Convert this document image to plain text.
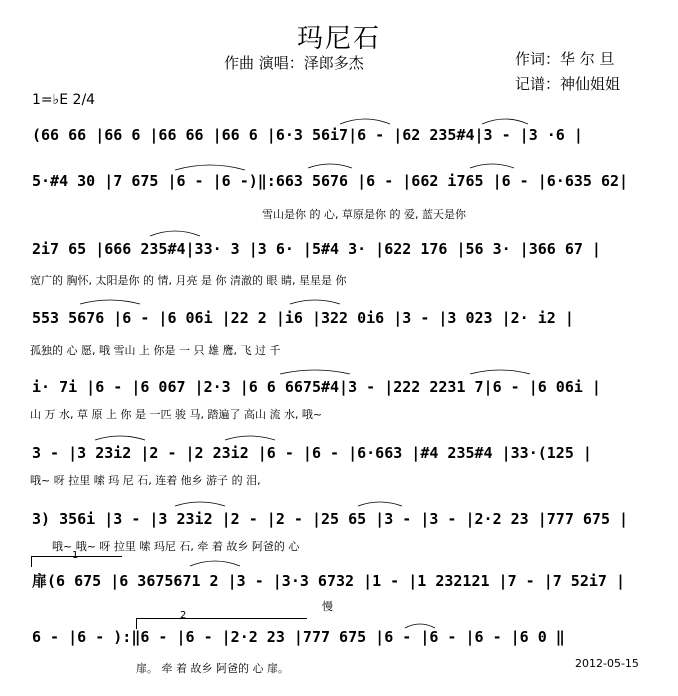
玛尼石
作曲 演唱：泽郎多杰	作词：华 尔 旦
记谱：神仙姐姐
1=♭E 2/4
(66 66 |66 6 |66 66 |66 6 |6·3 56i7|6 - |62 235#4|3 - |3 ·6 |
5·#4 30 |7 675 |6 - |6 -)‖:663 5676 |6 - |662 i765 |6 - |6·635 62|
雪山是你 的 心, 草原是你 的 爱, 蓝天是你
2i7 65 |666 235#4|33· 3 |3 6· |5#4 3· |622 176 |56 3· |366 67 |
宽广的 胸怀, 太阳是你 的 情, 月亮 是 你 清澈的 眼 睛, 星星是 你
553 5676 |6 - |6 06i |22 2 |i6 |322 0i6 |3 - |3 023 |2· i2 |
孤独的 心 愿, 哦 雪山 上 你是 一 只 雄 鹰, 飞 过 千
i· 7i |6 - |6 067 |2·3 |6 6 6675#4|3 - |222 2231 7|6 - |6 06i |
山 万 水, 草 原 上 你 是 一匹 骏 马, 踏遍了 高山 流 水, 哦~
3 - |3 23i2 |2 - |2 23i2 |6 - |6 - |6·663 |#4 235#4 |33·(125 |
哦~ 呀 拉里 嗦 玛 尼 石, 连着 他乡 游子 的 泪,
3) 356i |3 - |3 23i2 |2 - |2 - |25 65 |3 - |3 - |2·2 23 |777 675 |
哦~ 哦~ 呀 拉里 嗦 玛尼 石, 牵 着 故乡 阿爸的 心
1
扉(6 675 |6 3675671 2 |3 - |3·3 6732 |1 - |1 232121 |7 - |7 52i7 |
2
慢
6 - |6 - ):‖6 - |6 - |2·2 23 |777 675 |6 - |6 - |6 - |6 0 ‖
扉。 牵 着 故乡 阿爸的 心 扉。	2012-05-15
